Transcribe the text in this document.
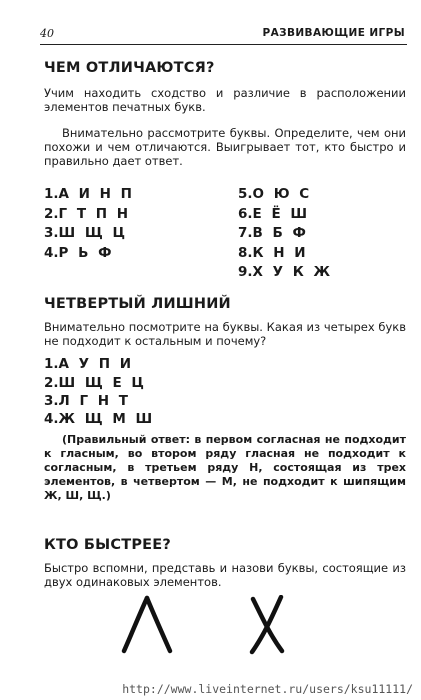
40	РАЗВИВАЮЩИЕ ИГРЫ
ЧЕМ ОТЛИЧАЮТСЯ?
Учим находить сходство и различие в расположении элементов печатных букв.
Внимательно рассмотрите буквы. Определите, чем они похожи и чем отличаются. Выигрывает тот, кто быстро и правильно дает ответ.
1.А И Н П
2.Г Т П Н
3.Ш Щ Ц
4.Р Ь Ф
5.О Ю С
6.Е Ё Ш
7.В Б Ф
8.К Н И
9.Х У К Ж
ЧЕТВЕРТЫЙ ЛИШНИЙ
Внимательно посмотрите на буквы. Какая из четырех букв не подходит к остальным и почему?
1.А У П И
2.Ш Щ Е Ц
3.Л Г Н Т
4.Ж Щ М Ш
(Правильный ответ: в первом согласная не подходит к гласным, во втором ряду гласная не подходит к согласным, в третьем ряду Н, состоящая из трех элементов, в четвертом — М, не подходит к шипящим Ж, Ш, Щ.)
КТО БЫСТРЕЕ?
Быстро вспомни, представь и назови буквы, состоящие из двух одинаковых элементов.
http://www.liveinternet.ru/users/ksu11111/
